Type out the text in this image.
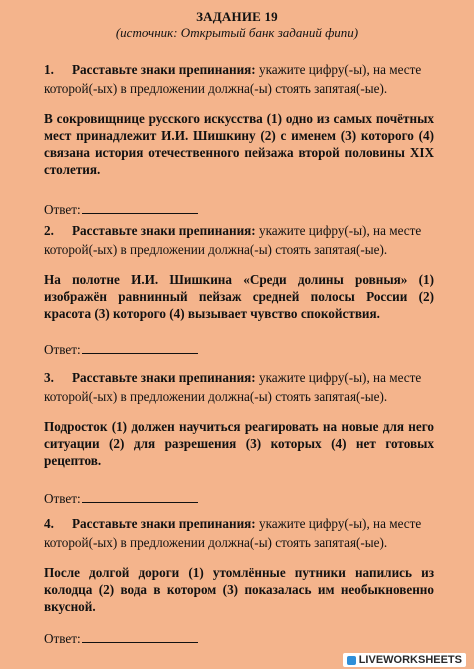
ЗАДАНИЕ 19
(источник: Открытый банк заданий фипи)

1. Расставьте знаки препинания: укажите цифру(-ы), на месте которой(-ых) в предложении должна(-ы) стоять запятая(-ые).

В сокровищнице русского искусства (1) одно из самых почётных мест принадлежит И.И. Шишкину (2) с именем (3) которого (4) связана история отечественного пейзажа второй половины XIX столетия.

Ответ:

2. Расставьте знаки препинания: укажите цифру(-ы), на месте которой(-ых) в предложении должна(-ы) стоять запятая(-ые).

На полотне И.И. Шишкина «Среди долины ровныя» (1) изображён равнинный пейзаж средней полосы России (2) красота (3) которого (4) вызывает чувство спокойствия.

Ответ:

3. Расставьте знаки препинания: укажите цифру(-ы), на месте которой(-ых) в предложении должна(-ы) стоять запятая(-ые).

Подросток (1) должен научиться реагировать на новые для него ситуации (2) для разрешения (3) которых (4) нет готовых рецептов.

Ответ:

4. Расставьте знаки препинания: укажите цифру(-ы), на месте которой(-ых) в предложении должна(-ы) стоять запятая(-ые).

После долгой дороги (1) утомлённые путники напились из колодца (2) вода в котором (3) показалась им необыкновенно вкусной.

Ответ:

LIVEWORKSHEETS
